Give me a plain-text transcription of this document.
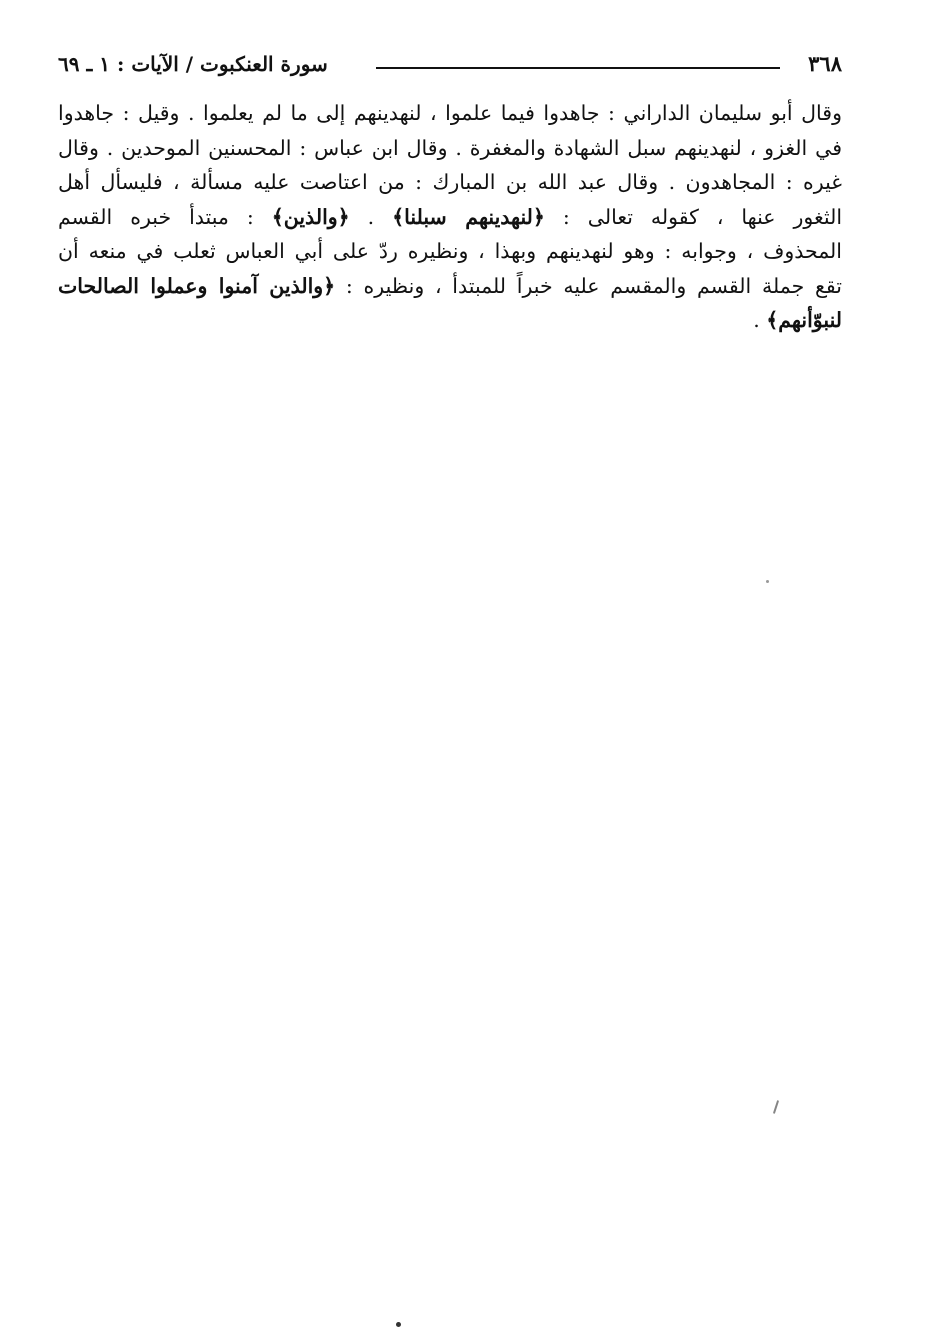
٣٦٨
سورة العنكبوت / الآيات : ١ ـ ٦٩
وقال أبو سليمان الداراني : جاهدوا فيما علموا ، لنهدينهم إلى ما لم يعلموا . وقيل : جاهدوا
في الغزو ، لنهدينهم سبل الشهادة والمغفرة . وقال ابن عباس : المحسنين الموحدين . وقال
غيره : المجاهدون . وقال عبد الله بن المبارك : من اعتاصت عليه مسألة ، فليسأل أهل
الثغور عنها ، كقوله تعالى : ﴿لنهدينهم سبلنا﴾ . ﴿والذين﴾ : مبتدأ خبره القسم
المحذوف ، وجوابه : وهو لنهدينهم وبهذا ، ونظيره ردّ على أبي العباس ثعلب في منعه أن
تقع جملة القسم والمقسم عليه خبراً للمبتدأ ، ونظيره : ﴿والذين آمنوا وعملوا الصالحات
لنبوّأنهم﴾ .
